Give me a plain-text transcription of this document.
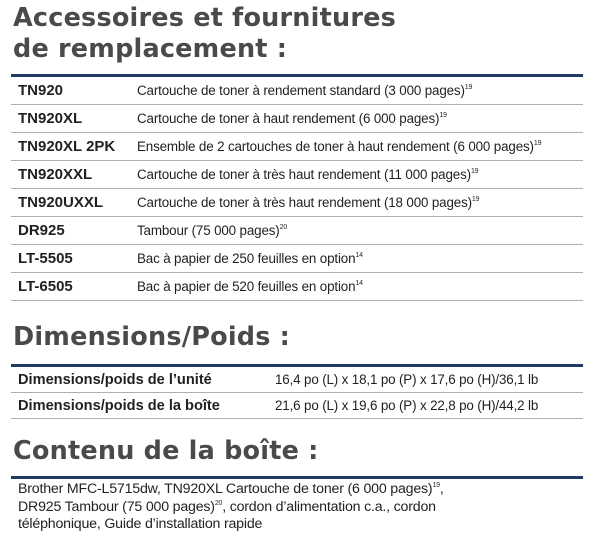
Accessoires et fournitures
de remplacement :
TN920	Cartouche de toner à rendement standard (3 000 pages)$^{19}$
TN920XL	Cartouche de toner à haut rendement (6 000 pages)$^{19}$
TN920XL 2PK	Ensemble de 2 cartouches de toner à haut rendement (6 000 pages)$^{19}$
TN920XXL	Cartouche de toner à très haut rendement (11 000 pages)$^{19}$
TN920UXXL	Cartouche de toner à très haut rendement (18 000 pages)$^{19}$
DR925	Tambour (75 000 pages)$^{20}$
LT-5505	Bac à papier de 250 feuilles en option$^{14}$
LT-6505	Bac à papier de 520 feuilles en option$^{14}$
Dimensions/Poids :
Dimensions/poids de l’unité	16,4 po (L) x 18,1 po (P) x 17,6 po (H)/36,1 lb
Dimensions/poids de la boîte	21,6 po (L) x 19,6 po (P) x 22,8 po (H)/44,2 lb
Contenu de la boîte :

Brother MFC-L5715dw, TN920XL Cartouche de toner (6 000 pages)$^{19}$, DR925 Tambour (75 000 pages)$^{20}$, cordon d’alimentation c.a., cordon téléphonique, Guide d’installation rapide
